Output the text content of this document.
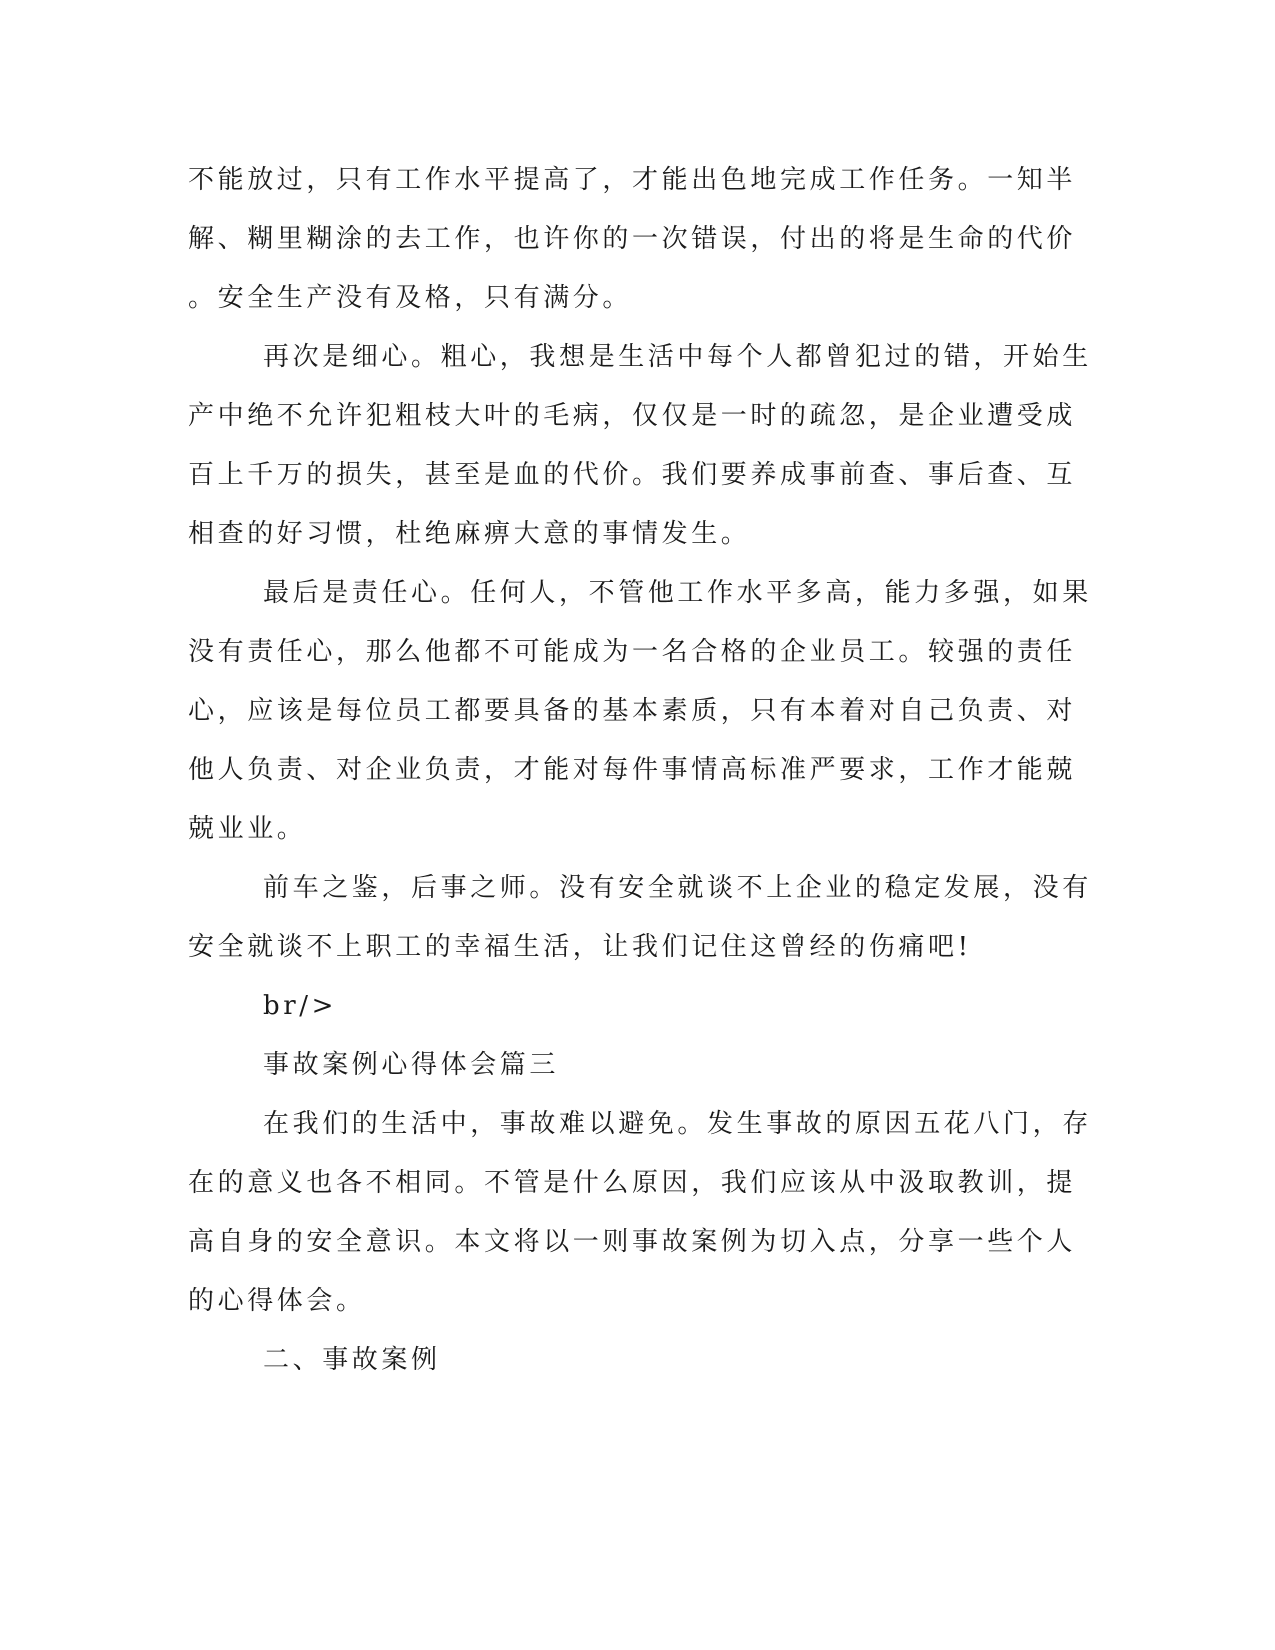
不能放过，只有工作水平提高了，才能出色地完成工作任务。一知半
解、糊里糊涂的去工作，也许你的一次错误，付出的将是生命的代价
。安全生产没有及格，只有满分。
再次是细心。粗心，我想是生活中每个人都曾犯过的错，开始生
产中绝不允许犯粗枝大叶的毛病，仅仅是一时的疏忽，是企业遭受成
百上千万的损失，甚至是血的代价。我们要养成事前查、事后查、互
相查的好习惯，杜绝麻痹大意的事情发生。
最后是责任心。任何人，不管他工作水平多高，能力多强，如果
没有责任心，那么他都不可能成为一名合格的企业员工。较强的责任
心，应该是每位员工都要具备的基本素质，只有本着对自己负责、对
他人负责、对企业负责，才能对每件事情高标准严要求，工作才能兢
兢业业。
前车之鉴，后事之师。没有安全就谈不上企业的稳定发展，没有
安全就谈不上职工的幸福生活，让我们记住这曾经的伤痛吧!
br/>
事故案例心得体会篇三
在我们的生活中，事故难以避免。发生事故的原因五花八门，存
在的意义也各不相同。不管是什么原因，我们应该从中汲取教训，提
高自身的安全意识。本文将以一则事故案例为切入点，分享一些个人
的心得体会。
二、事故案例
